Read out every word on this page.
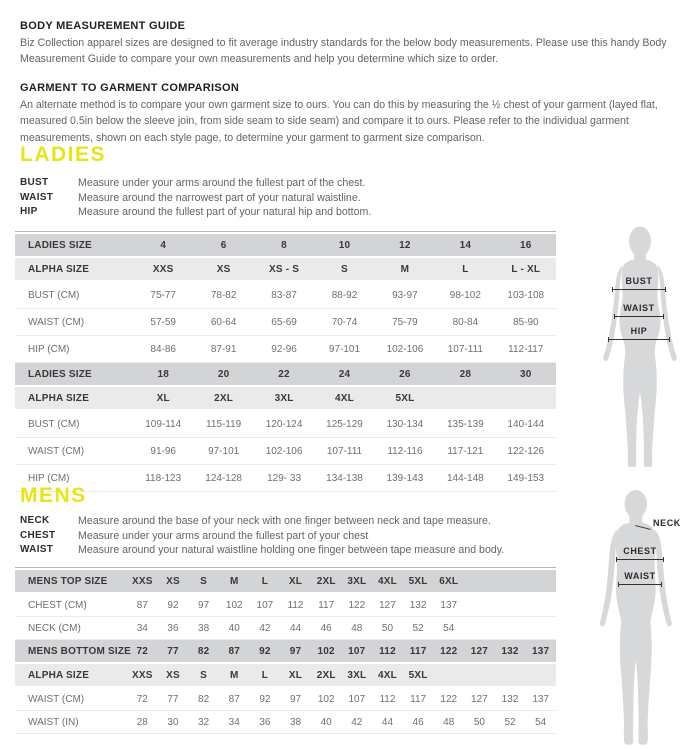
BODY MEASUREMENT GUIDE

Biz Collection apparel sizes are designed to fit average industry standards for the below body measurements. Please use this handy Body Measurement Guide to compare your own measurements and help you determine which size to order.

GARMENT TO GARMENT COMPARISON

An alternate method is to compare your own garment size to ours. You can do this by measuring the ½ chest of your garment (layed flat, measured 0.5in below the sleeve join, from side seam to side seam) and compare it to ours. Please refer to the individual garment measurements, shown on each style page, to determine your garment to garment size comparison.

LADIES
BUST	Measure under your arms around the fullest part of the chest.
WAIST	Measure around the narrowest part of your natural waistline.
HIP	Measure around the fullest part of your natural hip and bottom.
LADIES SIZE	4	6	8	10	12	14	16
ALPHA SIZE	XXS	XS	XS - S	S	M	L	L - XL
BUST (CM)	75-77	78-82	83-87	88-92	93-97	98-102	103-108
WAIST (CM)	57-59	60-64	65-69	70-74	75-79	80-84	85-90
HIP (CM)	84-86	87-91	92-96	97-101	102-106	107-111	112-117
LADIES SIZE	18	20	22	24	26	28	30
ALPHA SIZE	XL	2XL	3XL	4XL	5XL
BUST (CM)	109-114	115-119	120-124	125-129	130-134	135-139	140-144
WAIST (CM)	91-96	97-101	102-106	107-111	112-116	117-121	122-126
HIP (CM)	118-123	124-128	129- 33	134-138	139-143	144-148	149-153
BUST
WAIST
HIP
MENS
NECK	Measure around the base of your neck with one finger between neck and tape measure.
CHEST	Measure under your arms around the fullest part of your chest
WAIST	Measure around your natural waistline holding one finger between tape measure and body.
MENS TOP SIZE	XXS	XS	S	M	L	XL	2XL	3XL	4XL	5XL	6XL
CHEST (CM)	87	92	97	102	107	112	117	122	127	132	137
NECK (CM)	34	36	38	40	42	44	46	48	50	52	54
MENS BOTTOM SIZE 72	77	82	87	92	97	102	107	112	117	122	127	132	137
ALPHA SIZE	XXS	XS	S	M	L	XL	2XL	3XL	4XL	5XL
WAIST (CM)	72	77	82	87	92	97	102	107	112	117	122	127	132	137
WAIST (IN)	28	30	32	34	36	38	40	42	44	46	48	50	52	54
NECK
CHEST
WAIST
